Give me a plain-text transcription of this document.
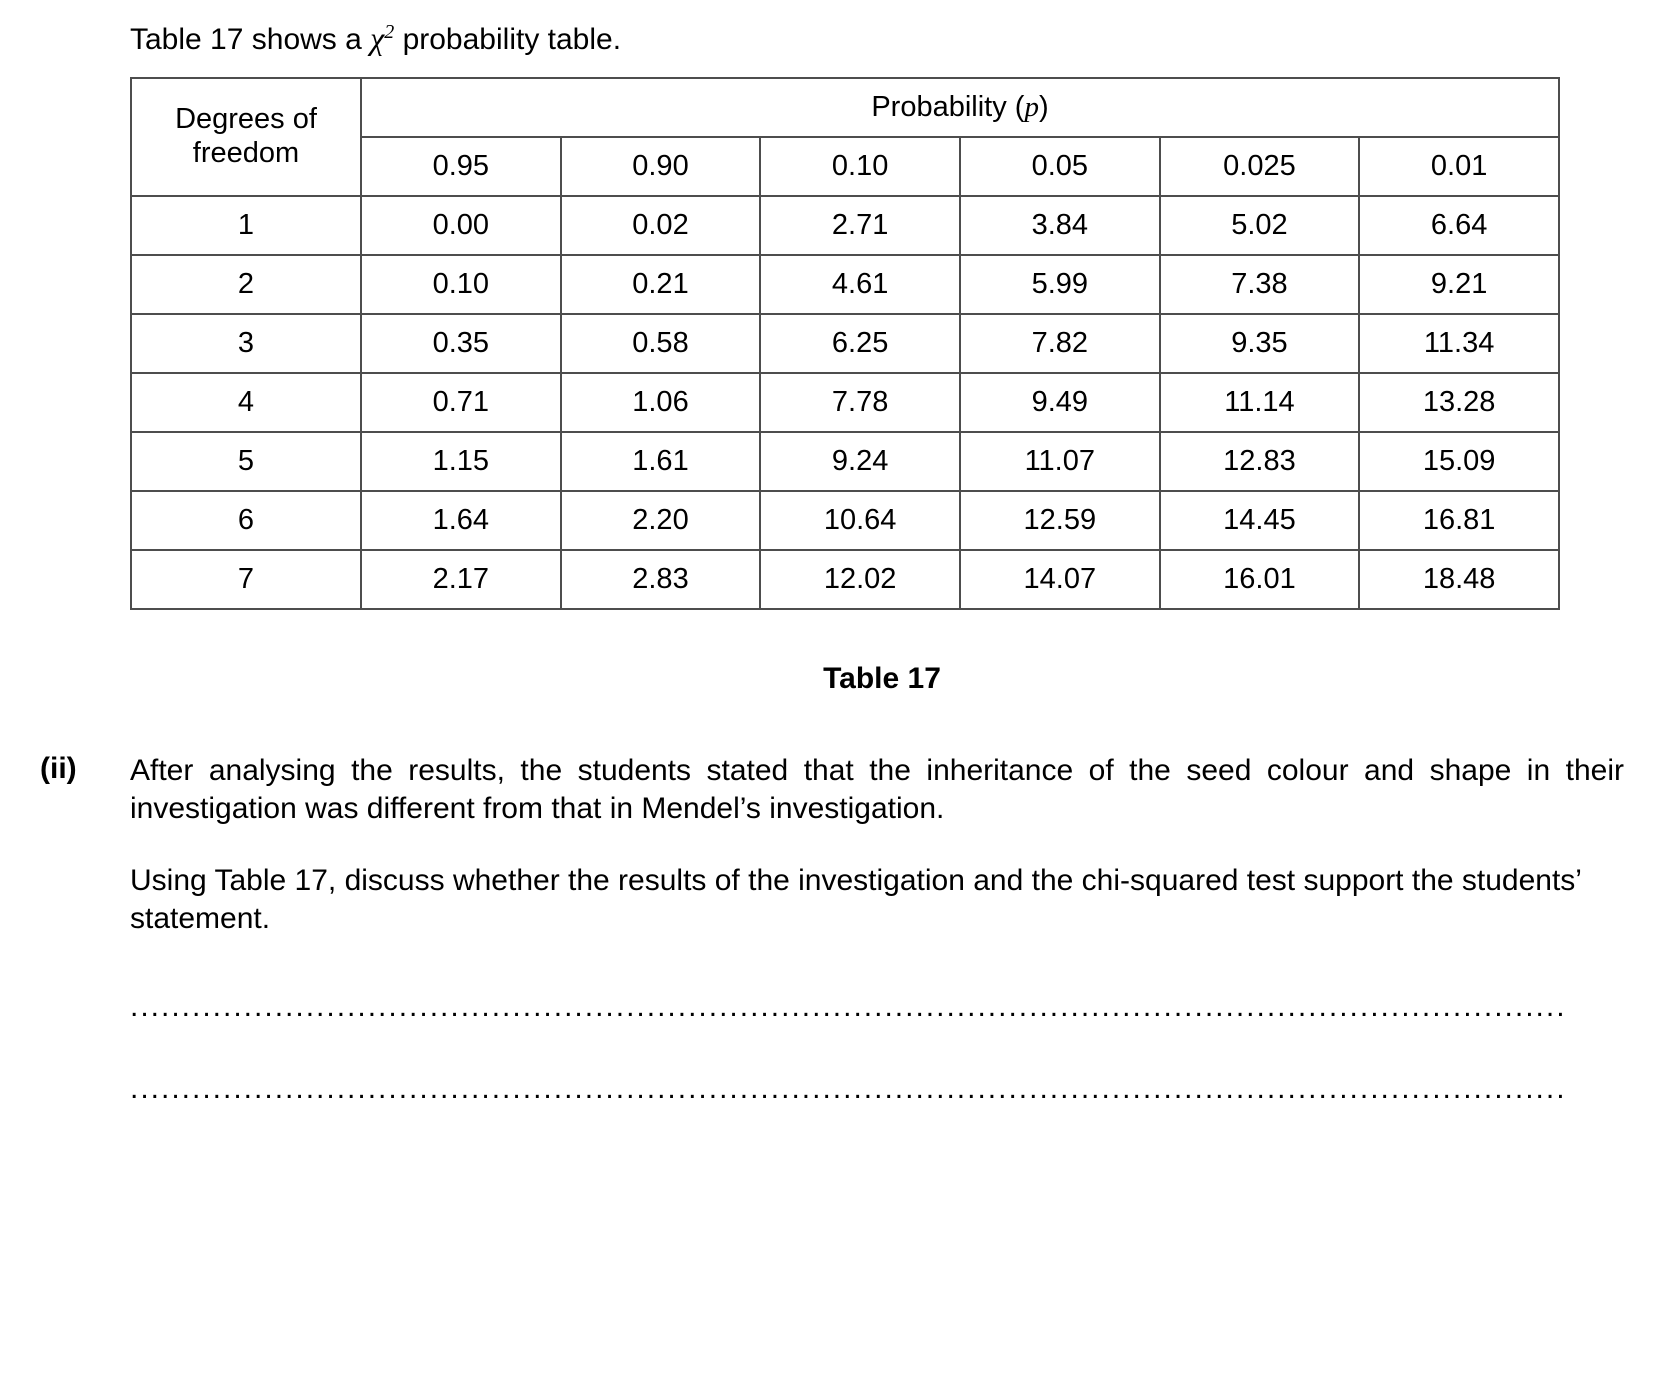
Table 17 shows a $\chi^2$ probability table.

Degrees of freedom	Probability (p)					
	0.95	0.90	0.10	0.05	0.025	0.01
1	0.00	0.02	2.71	3.84	5.02	6.64
2	0.10	0.21	4.61	5.99	7.38	9.21
3	0.35	0.58	6.25	7.82	9.35	11.34
4	0.71	1.06	7.78	9.49	11.14	13.28
5	1.15	1.61	9.24	11.07	12.83	15.09
6	1.64	2.20	10.64	12.59	14.45	16.81
7	2.17	2.83	12.02	14.07	16.01	18.48
Table 17
(ii)	After analysing the results, the students stated that the inheritance of the seed colour and shape in their investigation was different from that in Mendel’s investigation.

Using Table 17, discuss whether the results of the investigation and the chi-squared test support the students’ statement.

...........................................................................................................................................
...........................................................................................................................................
